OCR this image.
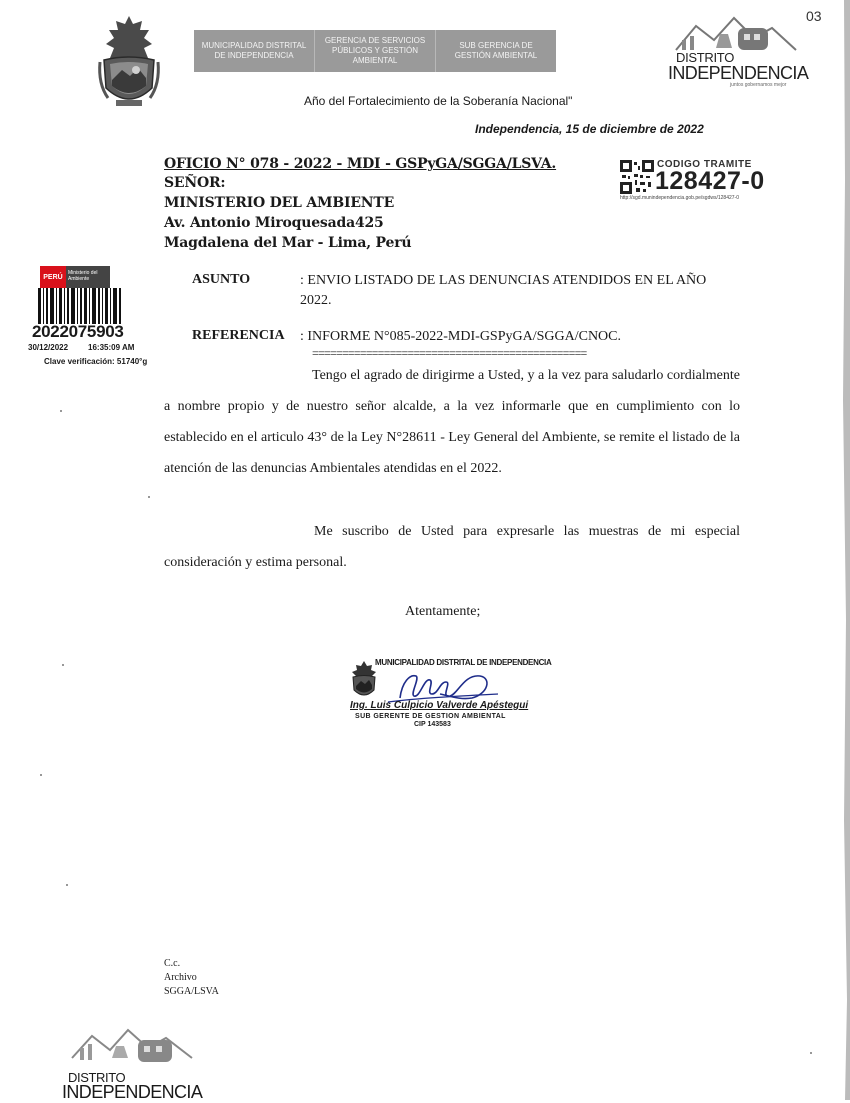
MUNICIPALIDAD DISTRITAL DE INDEPENDENCIA
GERENCIA DE SERVICIOS PÚBLICOS Y GESTIÓN AMBIENTAL
SUB GERENCIA DE GESTIÓN AMBIENTAL	DISTRITO
INDEPENDENCIA
juntos gobernamos mejor
03
Año del Fortalecimiento de la Soberanía Nacional"
Independencia, 15 de diciembre de 2022
OFICIO N° 078 - 2022 - MDI - GSPyGA/SGGA/LSVA.
SEÑOR:
MINISTERIO DEL AMBIENTE
Av. Antonio Miroquesada425
Magdalena del Mar - Lima, Perú
CODIGO TRAMITE
128427-0
http://sgd.munindependencia.gob.pe/sgdws/128427-0
PERÚ
Ministerio del Ambiente
2022075903
30/12/2022 16:35:09 AM
Clave verificación: 51740°g
ASUNTO	: ENVIO LISTADO DE LAS DENUNCIAS ATENDIDOS EN EL AÑO 2022.
REFERENCIA : INFORME N°085-2022-MDI-GSPyGA/SGGA/CNOC.
==============================================

Tengo el agrado de dirigirme a Usted, y a la vez para saludarlo cordialmente a nombre propio y de nuestro señor alcalde, a la vez informarle que en cumplimiento con lo establecido en el articulo 43° de la Ley N°28611 - Ley General del Ambiente, se remite el listado de la atención de las denuncias Ambientales atendidas en el 2022.

Me suscribo de Usted para expresarle las muestras de mi especial consideración y estima personal.

Atentamente;
MUNICIPALIDAD DISTRITAL DE INDEPENDENCIA
Ing. Luis Culpicio Valverde Apéstegui
SUB GERENTE DE GESTION AMBIENTAL
CIP 143583
C.c.
Archivo
SGGA/LSVA
DISTRITO
INDEPENDENCIA
